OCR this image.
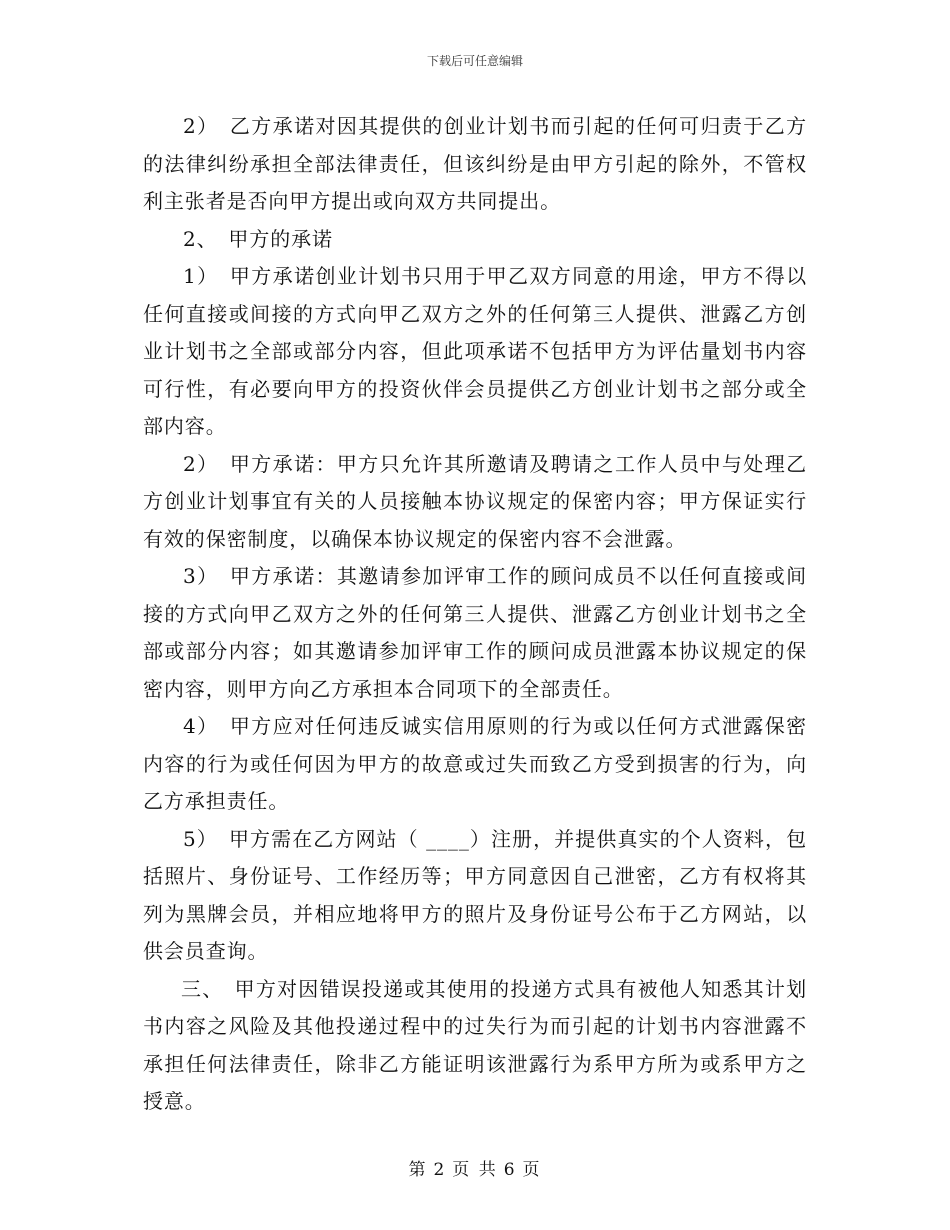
下载后可任意编辑

2）　乙方承诺对因其提供的创业计划书而引起的任何可归责于乙方的法律纠纷承担全部法律责任，但该纠纷是由甲方引起的除外，不管权利主张者是否向甲方提出或向双方共同提出。

2、　甲方的承诺

1）　甲方承诺创业计划书只用于甲乙双方同意的用途，甲方不得以任何直接或间接的方式向甲乙双方之外的任何第三人提供、泄露乙方创业计划书之全部或部分内容，但此项承诺不包括甲方为评估量划书内容可行性，有必要向甲方的投资伙伴会员提供乙方创业计划书之部分或全部内容。

2）　甲方承诺：甲方只允许其所邀请及聘请之工作人员中与处理乙方创业计划事宜有关的人员接触本协议规定的保密内容；甲方保证实行有效的保密制度，以确保本协议规定的保密内容不会泄露。

3）　甲方承诺：其邀请参加评审工作的顾问成员不以任何直接或间接的方式向甲乙双方之外的任何第三人提供、泄露乙方创业计划书之全部或部分内容；如其邀请参加评审工作的顾问成员泄露本协议规定的保密内容，则甲方向乙方承担本合同项下的全部责任。

4）　甲方应对任何违反诚实信用原则的行为或以任何方式泄露保密内容的行为或任何因为甲方的故意或过失而致乙方受到损害的行为，向乙方承担责任。

5）　甲方需在乙方网站（ ____）注册，并提供真实的个人资料，包括照片、身份证号、工作经历等；甲方同意因自己泄密，乙方有权将其列为黑牌会员，并相应地将甲方的照片及身份证号公布于乙方网站，以供会员查询。

三、　甲方对因错误投递或其使用的投递方式具有被他人知悉其计划书内容之风险及其他投递过程中的过失行为而引起的计划书内容泄露不承担任何法律责任，除非乙方能证明该泄露行为系甲方所为或系甲方之授意。

第 2 页 共 6 页
